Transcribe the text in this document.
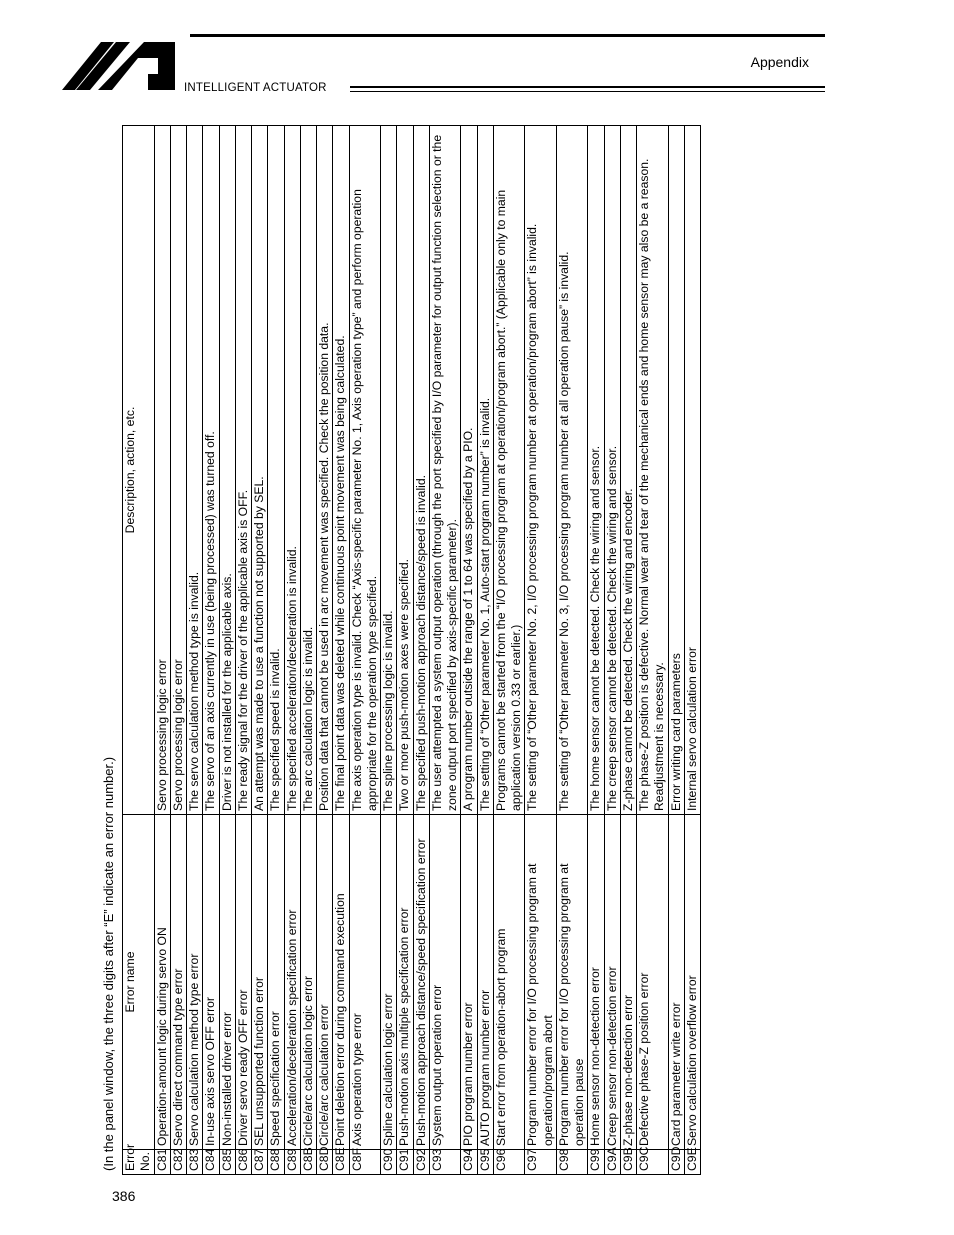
Appendix
INTELLIGENT ACTUATOR
(In the panel window, the three digits after “E” indicate an error number.) Error No.	Error name	Description, action, etc.
C81	Operation-amount logic during servo ON	Servo processing logic error
C82	Servo direct command type error	Servo processing logic error
C83	Servo calculation method type error	The servo calculation method type is invalid.
C84	In-use axis servo OFF error	The servo of an axis currently in use (being processed) was turned off.
C85	Non-installed driver error	Driver is not installed for the applicable axis.
C86	Driver servo ready OFF error	The ready signal for the driver of the applicable axis is OFF.
C87	SEL unsupported function error	An attempt was made to use a function not supported by SEL.
C88	Speed specification error	The specified speed is invalid.
C89	Acceleration/deceleration specification error	The specified acceleration/deceleration is invalid.
C8B	Circle/arc calculation logic error	The arc calculation logic is invalid.
C8D	Circle/arc calculation error	Position data that cannot be used in arc movement was specified. Check the position data.
C8E	Point deletion error during command execution	The final point data was deleted while continuous point movement was being calculated.
C8F	Axis operation type error	The axis operation type is invalid. Check “Axis-specific parameter No. 1, Axis operation type” and perform operation appropriate for the operation type specified.
C90	Spline calculation logic error	The spline processing logic is invalid.
C91	Push-motion axis multiple specification error	Two or more push-motion axes were specified.
C92	Push-motion approach distance/speed specification error	The specified push-motion approach distance/speed is invalid.
C93	System output operation error	The user attempted a system output operation (through the port specified by I/O parameter for output function selection or the zone output port specified by axis-specific parameter).
C94	PIO program number error	A program number outside the range of 1 to 64 was specified by a PIO.
C95	AUTO program number error	The setting of “Other parameter No. 1, Auto-start program number” is invalid.
C96	Start error from operation-abort program	Programs cannot be started from the “I/O processing program at operation/program abort.” (Applicable only to main application version 0.33 or earlier.)
C97	Program number error for I/O processing program at operation/program abort	The setting of “Other parameter No. 2, I/O processing program number at operation/program abort” is invalid.
C98	Program number error for I/O processing program at operation pause	The setting of “Other parameter No. 3, I/O processing program number at all operation pause” is invalid.
C99	Home sensor non-detection error	The home sensor cannot be detected. Check the wiring and sensor.
C9A	Creep sensor non-detection error	The creep sensor cannot be detected. Check the wiring and sensor.
C9B	Z-phase non-detection error	Z-phase cannot be detected. Check the wiring and encoder.
C9C	Defective phase-Z position error	The phase-Z position is defective. Normal wear and tear of the mechanical ends and home sensor may also be a reason. Readjustment is necessary.
C9D	Card parameter write error	Error writing card parameters
C9E	Servo calculation overflow error	Internal servo calculation error
386
